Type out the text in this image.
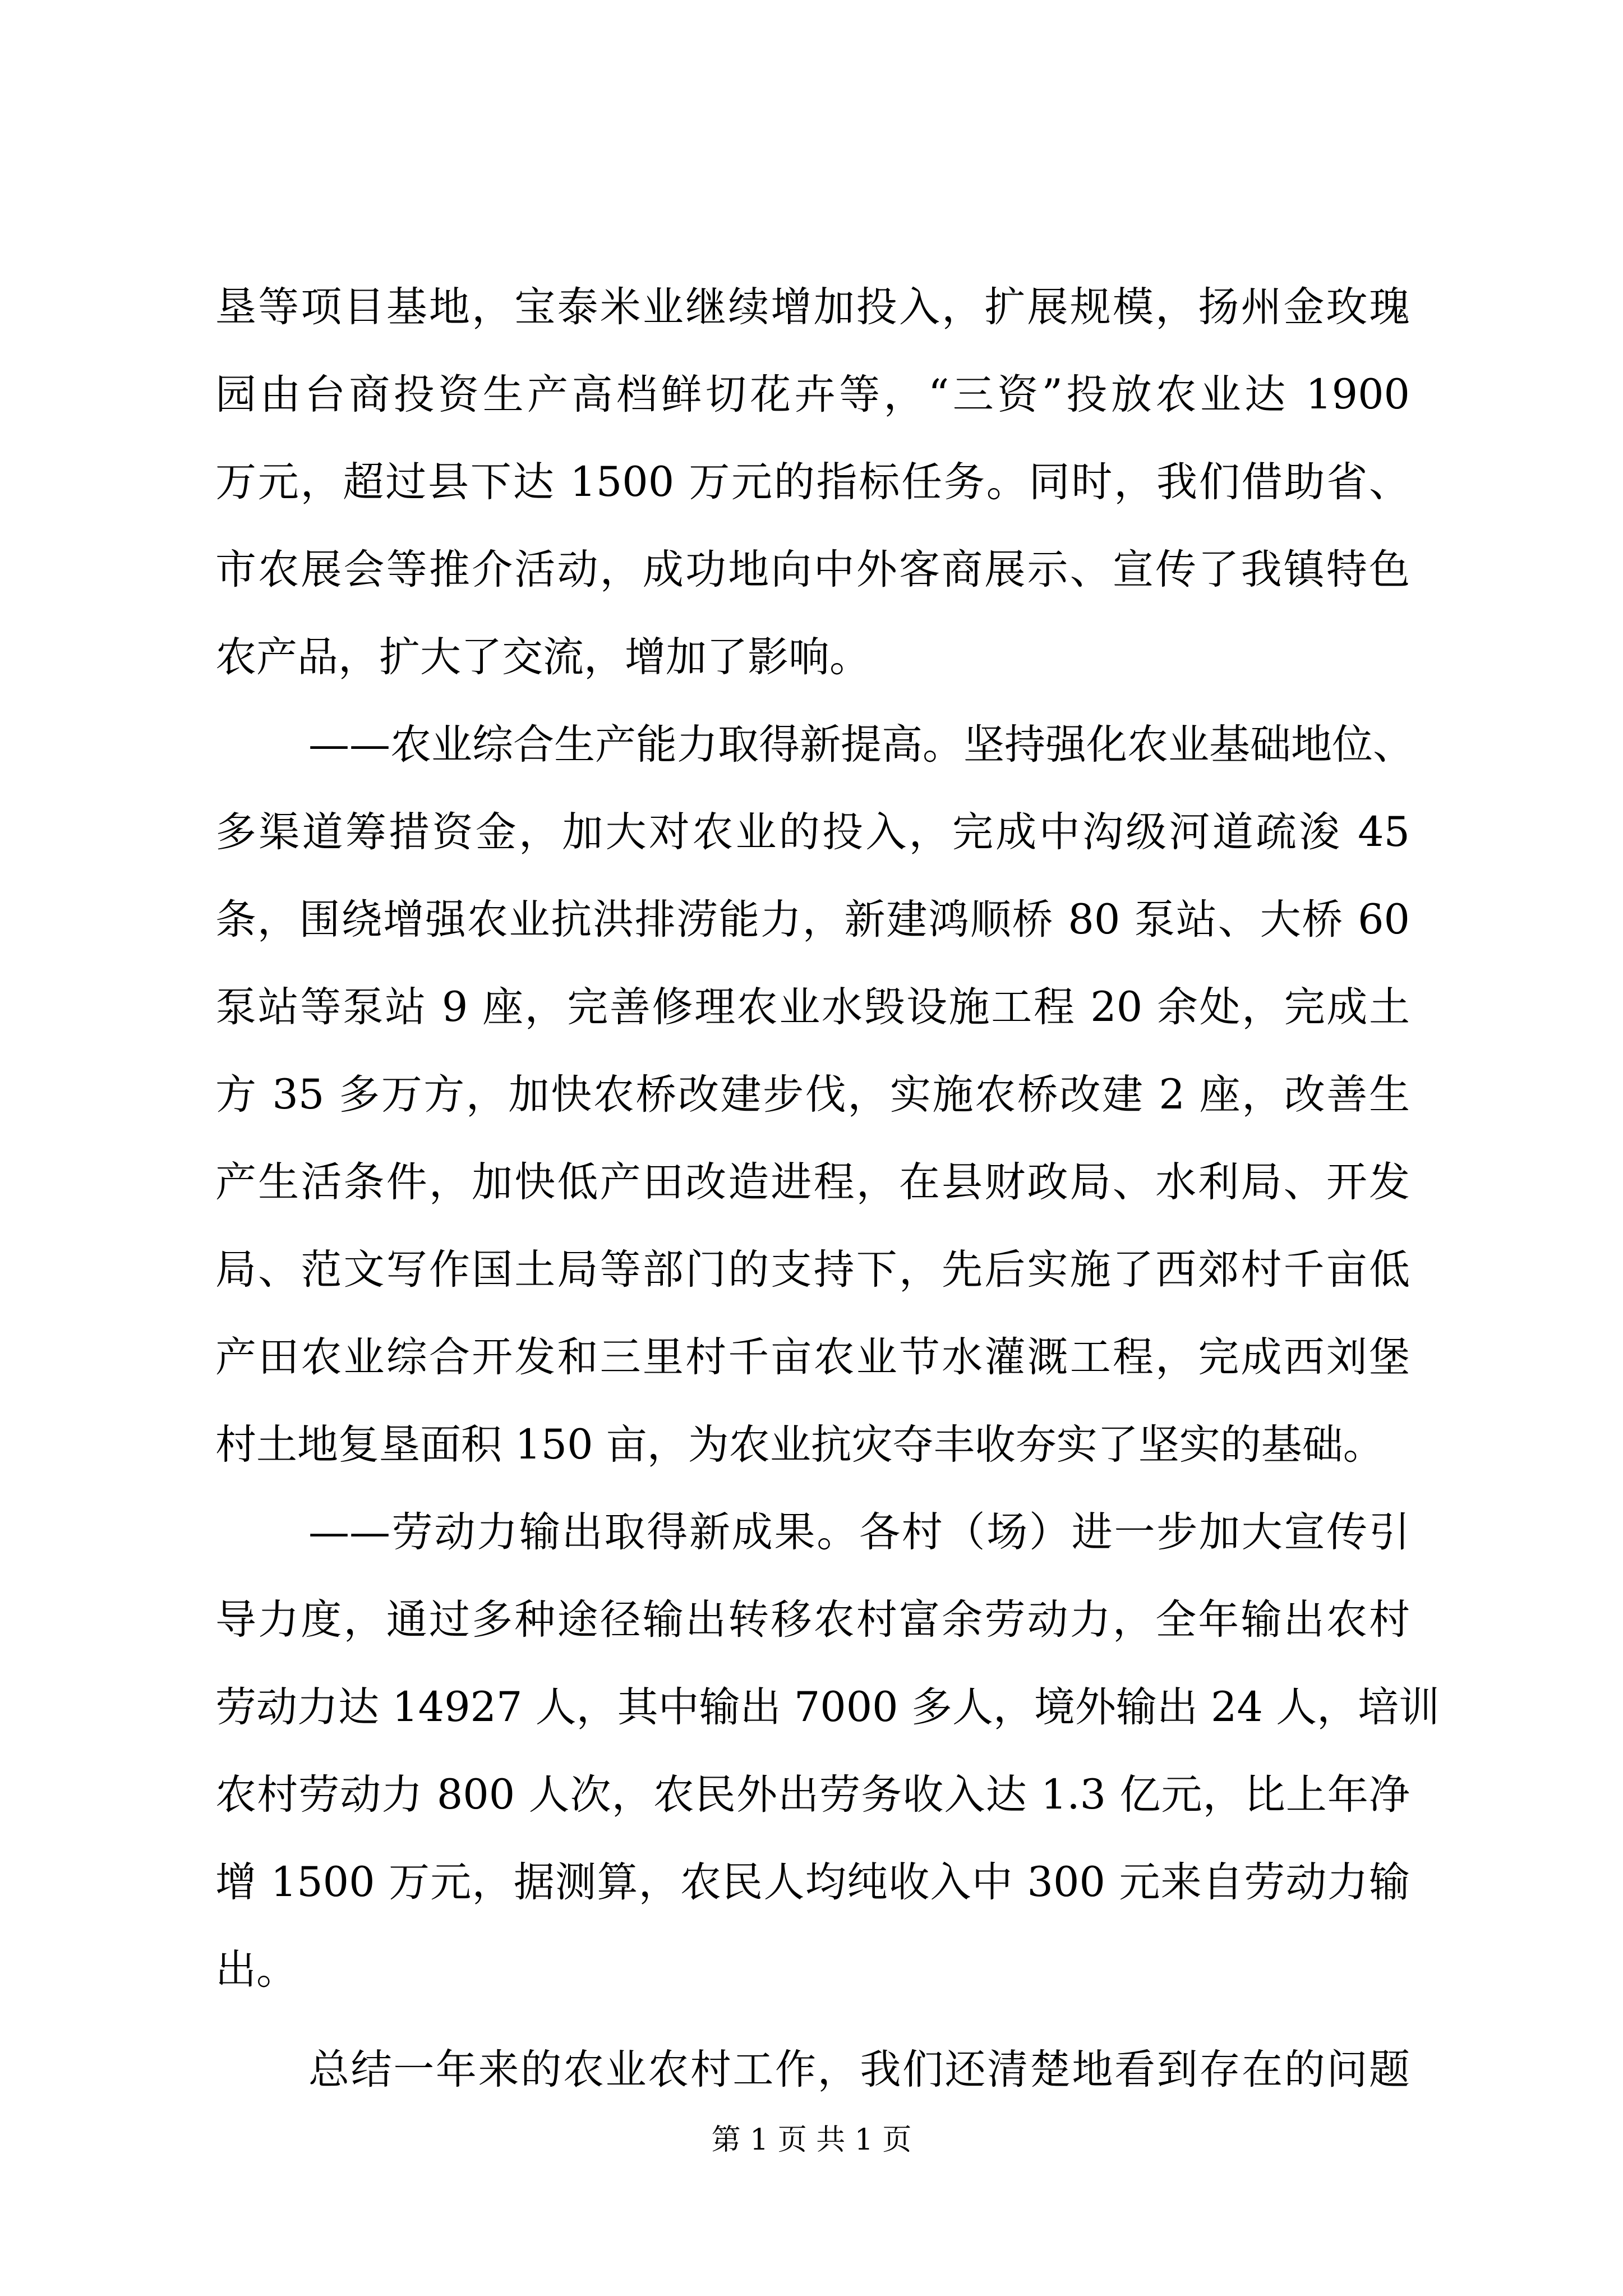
垦等项目基地，宝泰米业继续增加投入，扩展规模，扬州金玫瑰
园由台商投资生产高档鲜切花卉等，“三资”投放农业达 1900
万元，超过县下达 1500 万元的指标任务。同时，我们借助省、
市农展会等推介活动，成功地向中外客商展示、宣传了我镇特色
农产品，扩大了交流，增加了影响。
——农业综合生产能力取得新提高。坚持强化农业基础地位、
多渠道筹措资金，加大对农业的投入，完成中沟级河道疏浚 45
条，围绕增强农业抗洪排涝能力，新建鸿顺桥 80 泵站、大桥 60
泵站等泵站 9 座，完善修理农业水毁设施工程 20 余处，完成土
方 35 多万方，加快农桥改建步伐，实施农桥改建 2 座，改善生
产生活条件，加快低产田改造进程，在县财政局、水利局、开发
局、范文写作国土局等部门的支持下，先后实施了西郊村千亩低
产田农业综合开发和三里村千亩农业节水灌溉工程，完成西刘堡
村土地复垦面积 150 亩，为农业抗灾夺丰收夯实了坚实的基础。
——劳动力输出取得新成果。各村（场）进一步加大宣传引
导力度，通过多种途径输出转移农村富余劳动力，全年输出农村
劳动力达 14927 人，其中输出 7000 多人，境外输出 24 人，培训
农村劳动力 800 人次，农民外出劳务收入达 1.3 亿元，比上年净
增 1500 万元，据测算，农民人均纯收入中 300 元来自劳动力输
出。
总结一年来的农业农村工作，我们还清楚地看到存在的问题
第 1 页 共 1 页
